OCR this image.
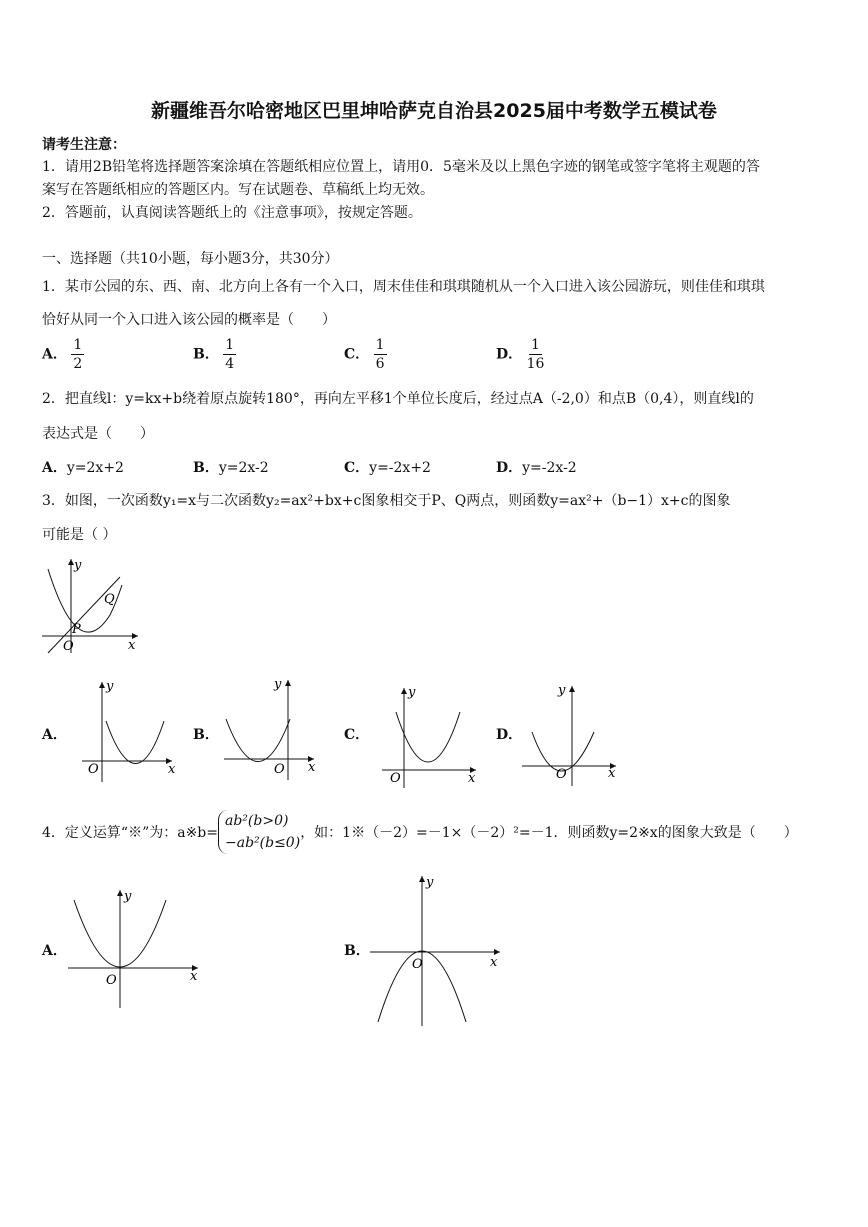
新疆维吾尔哈密地区巴里坤哈萨克自治县2025届中考数学五模试卷
请考生注意：
1．请用2B铅笔将选择题答案涂填在答题纸相应位置上，请用0．5毫米及以上黑色字迹的钢笔或签字笔将主观题的答
案写在答题纸相应的答题区内。写在试题卷、草稿纸上均无效。
2．答题前，认真阅读答题纸上的《注意事项》，按规定答题。
一、选择题（共10小题，每小题3分，共30分）
1．某市公园的东、西、南、北方向上各有一个入口，周末佳佳和琪琪随机从一个入口进入该公园游玩，则佳佳和琪琪
恰好从同一个入口进入该公园的概率是（　　）
A． $\frac{1}{2}$	B． $\frac{1}{4}$	C． $\frac{1}{6}$	D． $\frac{1}{16}$
2．把直线l：y=kx+b绕着原点旋转180°，再向左平移1个单位长度后，经过点A（-2,0）和点B（0,4），则直线l的
表达式是（　　）
A．y=2x+2	B．y=2x-2	C．y=-2x+2	D．y=-2x-2
3．如图，一次函数y₁=x与二次函数y₂=ax²+bx+c图象相交于P、Q两点，则函数y=ax²+（b−1）x+c的图象
可能是（ ）
y
x
O
P
Q
A．
y
x
O
B．
y
x
O
C．
y
x
O
D．
y
x
O
4．定义运算“※”为：a※b=
ab²(b>0)
−ab²(b≤0)
，如：1※（－2）=－1×（－2）²=－1．则函数y=2※x的图象大致是（　　）
A．
y
x
O
B．
y
x
O
